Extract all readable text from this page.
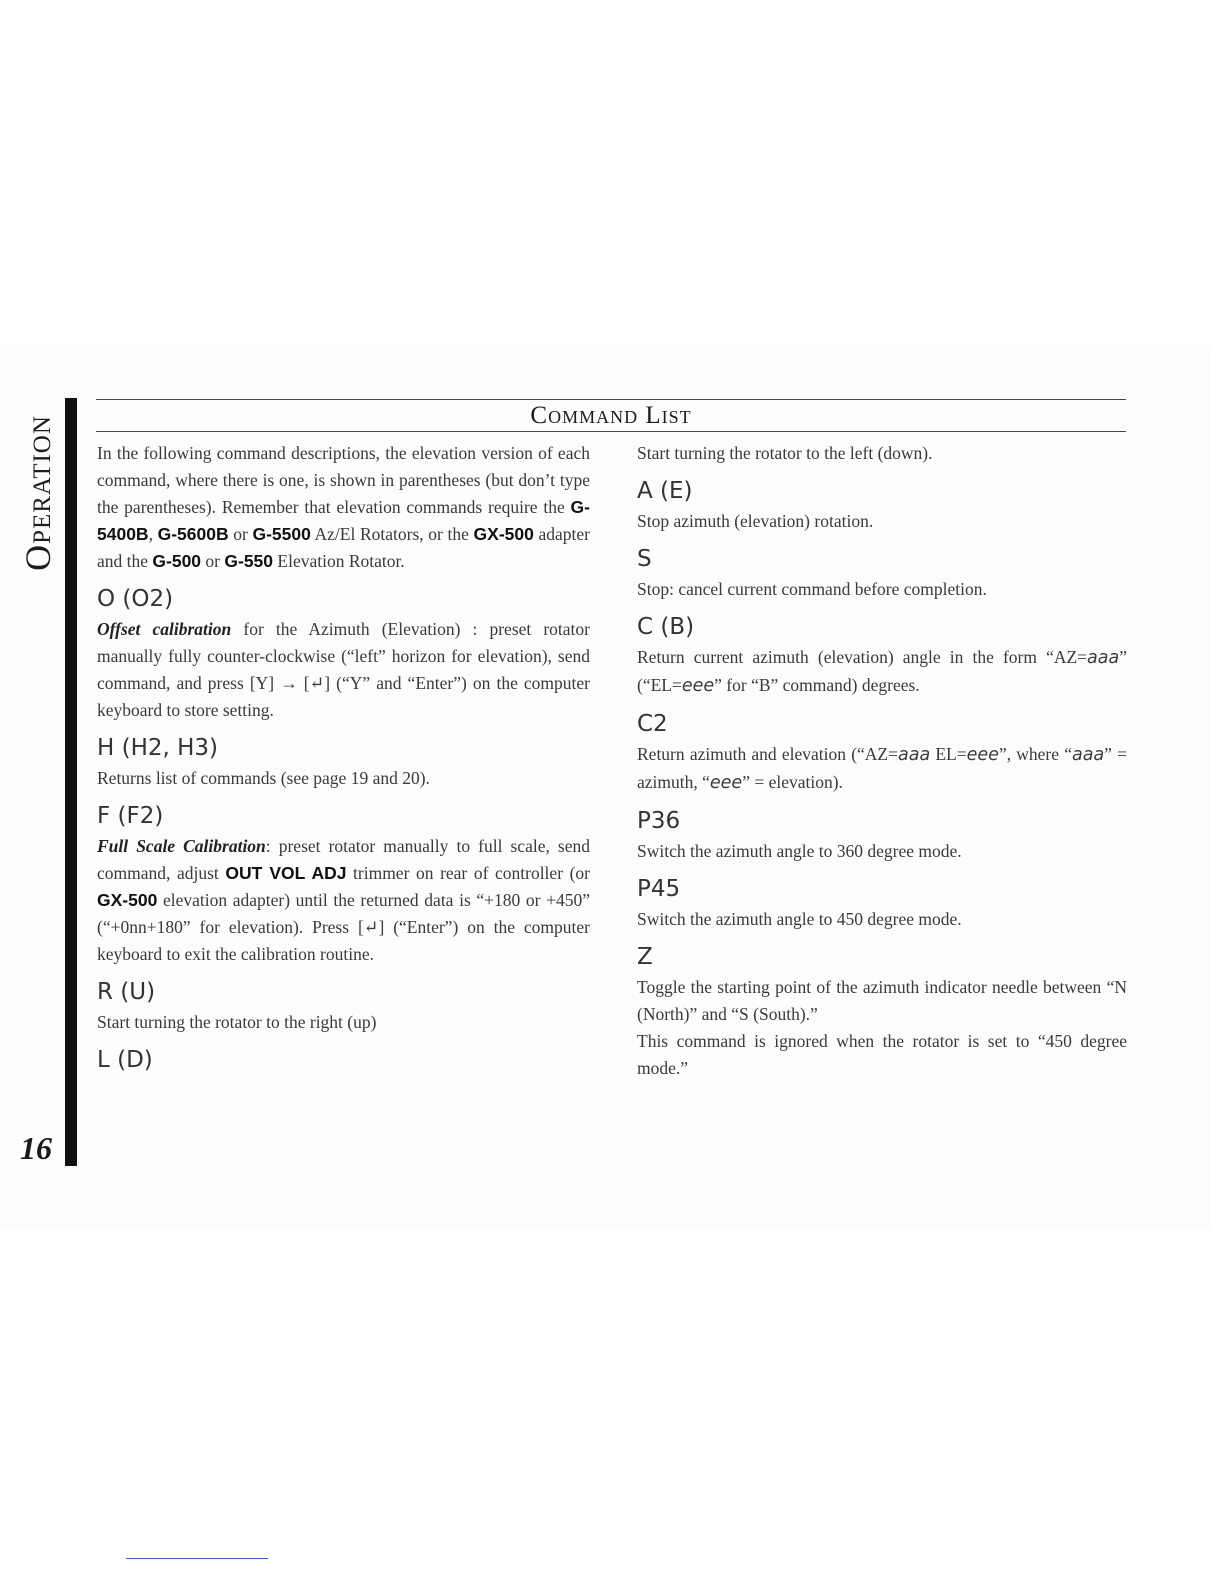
Operation
16
Command List

In the following command descriptions, the elevation version of each command, where there is one, is shown in parentheses (but don’t type the parentheses). Remember that elevation commands require the G-5400B, G-5600B or G-5500 Az/El Rotators, or the GX-500 adapter and the G-500 or G-550 Elevation Rotator.

O (O2)

Offset calibration for the Azimuth (Elevation) : preset rotator manually fully counter-clockwise (“left” horizon for elevation), send command, and press [Y] → [↵] (“Y” and “Enter”) on the computer keyboard to store setting.

H (H2, H3)

Returns list of commands (see page 19 and 20).

F (F2)

Full Scale Calibration: preset rotator manually to full scale, send command, adjust OUT VOL ADJ trimmer on rear of controller (or GX-500 elevation adapter) until the returned data is “+180 or +450” (“+0nn+180” for elevation). Press [↵] (“Enter”) on the computer keyboard to exit the calibration routine.

R (U)

Start turning the rotator to the right (up)

L (D)

Start turning the rotator to the left (down).

A (E)

Stop azimuth (elevation) rotation.

S

Stop: cancel current command before completion.

C (B)

Return current azimuth (elevation) angle in the form “AZ=aaa” (“EL=eee” for “B” command) degrees.

C2

Return azimuth and elevation (“AZ=aaa EL=eee”, where “aaa” = azimuth, “eee” = elevation).

P36

Switch the azimuth angle to 360 degree mode.

P45

Switch the azimuth angle to 450 degree mode.

Z

Toggle the starting point of the azimuth indicator needle between “N (North)” and “S (South).”

This command is ignored when the rotator is set to “450 degree mode.”
